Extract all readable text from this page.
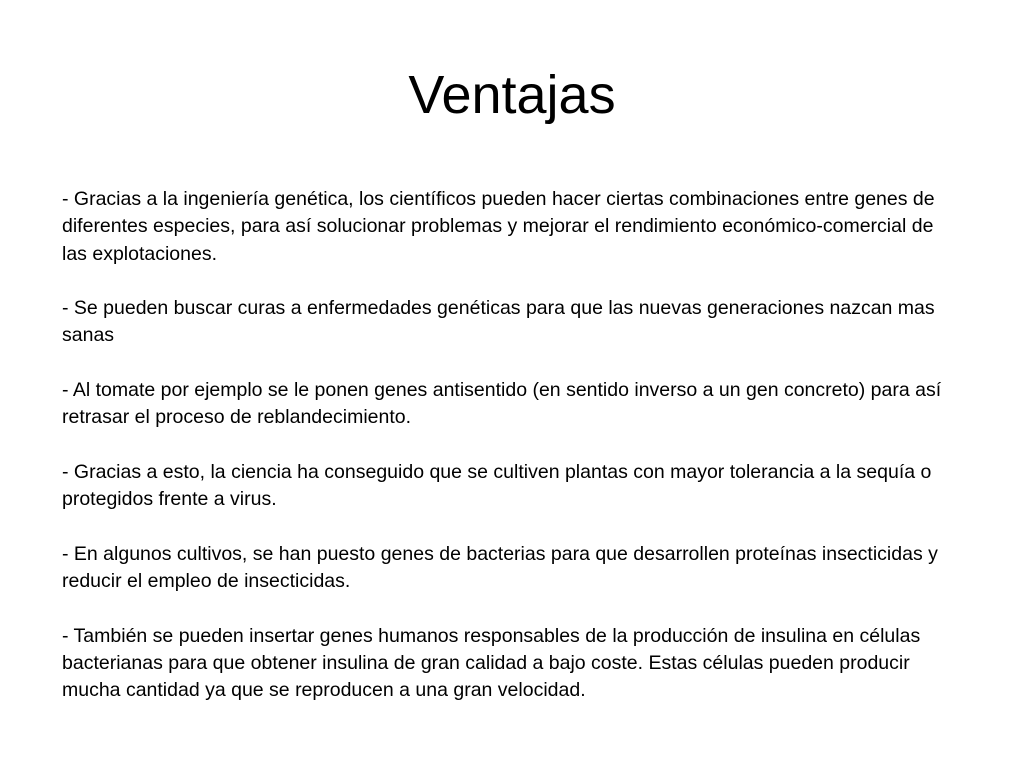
Ventajas

- Gracias a la ingeniería genética, los científicos pueden hacer ciertas combinaciones entre genes de diferentes especies, para así solucionar problemas y mejorar el rendimiento económico-comercial de las explotaciones.

- Se pueden buscar curas a enfermedades genéticas para que las nuevas generaciones nazcan mas sanas

- Al tomate por ejemplo se le ponen genes antisentido (en sentido inverso a un gen concreto) para así retrasar el proceso de reblandecimiento.

- Gracias a esto, la ciencia ha conseguido que se cultiven plantas con mayor tolerancia a la sequía o protegidos frente a virus.

- En algunos cultivos, se han puesto genes de bacterias para que desarrollen proteínas insecticidas y reducir el empleo de insecticidas.

- También se pueden insertar genes humanos responsables de la producción de insulina en células bacterianas para que obtener insulina de gran calidad a bajo coste. Estas células pueden producir mucha cantidad ya que se reproducen a una gran velocidad.
